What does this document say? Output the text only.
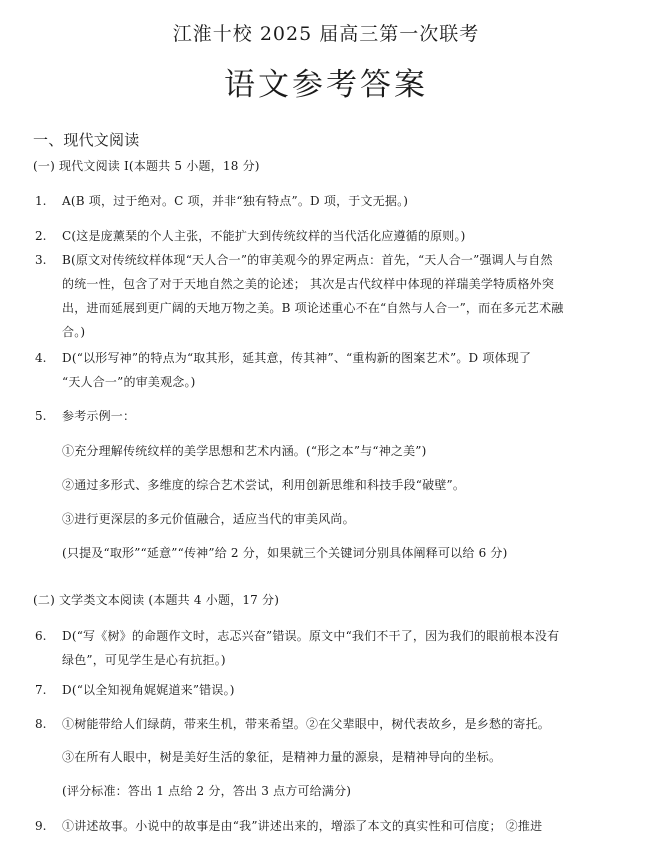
江淮十校 2025 届高三第一次联考
语文参考答案
一、现代文阅读
(一) 现代文阅读 I(本题共 5 小题，18 分)
1. A(B 项，过于绝对。C 项，并非“独有特点”。D 项，于文无据。)
2. C(这是庞薰琹的个人主张，不能扩大到传统纹样的当代活化应遵循的原则。)
3. B(原文对传统纹样体现“天人合一”的审美观今的界定两点：首先，“天人合一”强调人与自然
的统一性，包含了对于天地自然之美的论述； 其次是古代纹样中体现的祥瑞美学特质格外突
出，进而延展到更广阔的天地万物之美。B 项论述重心不在“自然与人合一”，而在多元艺术融
合。)
4. D(“以形写神”的特点为“取其形，延其意，传其神”、“重构新的图案艺术”。D 项体现了
“天人合一”的审美观念。)
5. 参考示例一：
①充分理解传统纹样的美学思想和艺术内涵。(“形之本”与“神之美”)
②通过多形式、多维度的综合艺术尝试，利用创新思维和科技手段“破壁”。
③进行更深层的多元价值融合，适应当代的审美风尚。
(只提及“取形”“延意”“传神”给 2 分，如果就三个关键词分别具体阐释可以给 6 分)
(二) 文学类文本阅读 (本题共 4 小题，17 分)
6. D(“写《树》的命题作文时，志忑兴奋”错误。原文中“我们不干了，因为我们的眼前根本没有
绿色”，可见学生是心有抗拒。)
7. D(“以全知视角娓娓道来”错误。)
8. ①树能带给人们绿荫，带来生机，带来希望。②在父辈眼中，树代表故乡，是乡愁的寄托。
③在所有人眼中，树是美好生活的象征，是精神力量的源泉，是精神导向的坐标。
(评分标准：答出 1 点给 2 分，答出 3 点方可给满分)
9. ①讲述故事。小说中的故事是由“我”讲述出来的，增添了本文的真实性和可信度； ②推进
